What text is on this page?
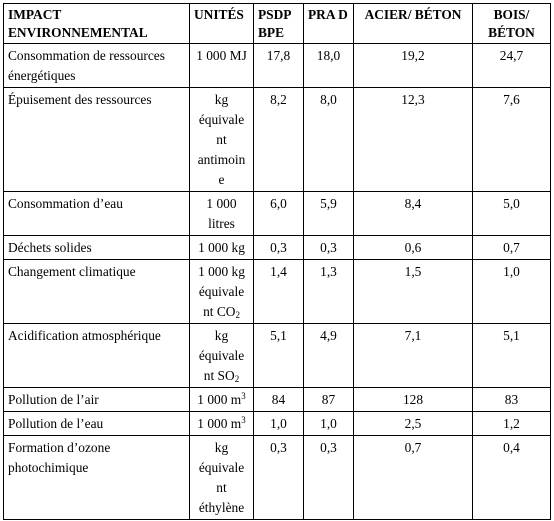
IMPACT ENVIRONNEMENTAL	UNITÉS	PSDP BPE	PRA D	ACIER/ BÉTON	BOIS/ BÉTON
Consommation de ressources énergétiques	1 000 MJ	17,8	18,0	19,2	24,7
Épuisement des ressources	kg
équivale
nt
antimoin
e	8,2	8,0	12,3	7,6
Consommation d’eau	1 000
litres	6,0	5,9	8,4	5,0
Déchets solides	1 000 kg	0,3	0,3	0,6	0,7
Changement climatique	1 000 kg
équivale
nt $CO_2$	1,4	1,3	1,5	1,0
Acidification atmosphérique	kg
équivale
nt $SO_2$	5,1	4,9	7,1	5,1
Pollution de l’air	1 000 $m^3$	84	87	128	83
Pollution de l’eau	1 000 $m^3$	1,0	1,0	2,5	1,2
Formation d’ozone photochimique	kg
équivale
nt
éthylène	0,3	0,3	0,7	0,4
